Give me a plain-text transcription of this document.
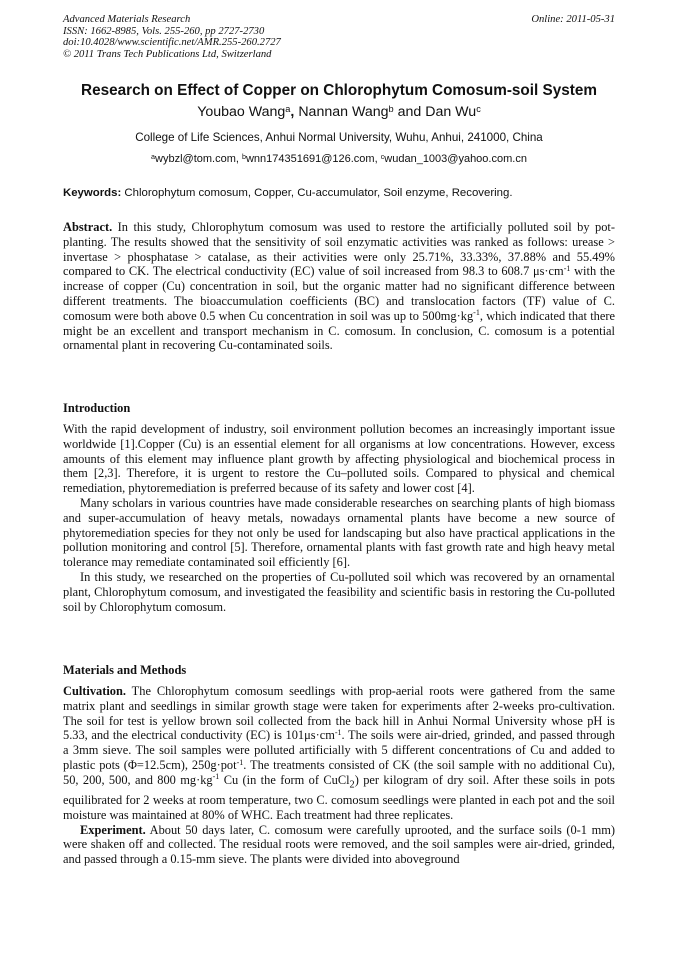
Advanced Materials Research
ISSN: 1662-8985, Vols. 255-260, pp 2727-2730
doi:10.4028/www.scientific.net/AMR.255-260.2727
© 2011 Trans Tech Publications Ltd, Switzerland
Online: 2011-05-31
Research on Effect of Copper on Chlorophytum Comosum-soil System
Youbao Wang$^a$, Nannan Wang$^b$ and Dan Wu$^c$
College of Life Sciences, Anhui Normal University, Wuhu, Anhui, 241000, China
$^a$wybzl@tom.com, $^b$wnn174351691@126.com, $^c$wudan_1003@yahoo.com.cn
Keywords: Chlorophytum comosum, Copper, Cu-accumulator, Soil enzyme, Recovering.

Abstract. In this study, Chlorophytum comosum was used to restore the artificially polluted soil by pot-planting. The results showed that the sensitivity of soil enzymatic activities was ranked as follows: urease > invertase > phosphatase > catalase, as their activities were only 25.71%, 33.33%, 37.88% and 55.49% compared to CK. The electrical conductivity (EC) value of soil increased from 98.3 to 608.7 $\mu s\cdot cm^{-1}$ with the increase of copper (Cu) concentration in soil, but the organic matter had no significant difference between different treatments. The bioaccumulation coefficients (BC) and translocation factors (TF) value of C. comosum were both above 0.5 when Cu concentration in soil was up to $500mg\cdot kg^{-1}$, which indicated that there might be an excellent and transport mechanism in C. comosum. In conclusion, C. comosum is a potential ornamental plant in recovering Cu-contaminated soils.

Introduction

With the rapid development of industry, soil environment pollution becomes an increasingly important issue worldwide [1].Copper (Cu) is an essential element for all organisms at low concentrations. However, excess amounts of this element may influence plant growth by affecting physiological and biochemical process in them [2,3]. Therefore, it is urgent to restore the Cu–polluted soils. Compared to physical and chemical remediation, phytoremediation is preferred because of its safety and lower cost [4].

Many scholars in various countries have made considerable researches on searching plants of high biomass and super-accumulation of heavy metals, nowadays ornamental plants have become a new source of phytoremediation species for they not only be used for landscaping but also have practical applications in the pollution monitoring and control [5]. Therefore, ornamental plants with fast growth rate and high heavy metal tolerance may remediate contaminated soil efficiently [6].

In this study, we researched on the properties of Cu-polluted soil which was recovered by an ornamental plant, Chlorophytum comosum, and investigated the feasibility and scientific basis in restoring the Cu-polluted soil by Chlorophytum comosum.

Materials and Methods

Cultivation. The Chlorophytum comosum seedlings with prop-aerial roots were gathered from the same matrix plant and seedlings in similar growth stage were taken for experiments after 2-weeks pro-cultivation. The soil for test is yellow brown soil collected from the back hill in Anhui Normal University whose pH is 5.33, and the electrical conductivity (EC) is $101\mu s\cdot cm^{-1}$. The soils were air-dried, grinded, and passed through a 3mm sieve. The soil samples were polluted artificially with 5 different concentrations of Cu and added to plastic pots (Φ=12.5cm), 250g·pot$^{-1}$. The treatments consisted of CK (the soil sample with no additional Cu), 50, 200, 500, and 800 $mg\cdot kg^{-1}$ Cu (in the form of CuCl$_2$) per kilogram of dry soil. After these soils in pots equilibrated for 2 weeks at room temperature, two C. comosum seedlings were planted in each pot and the soil moisture was maintained at 80% of WHC. Each treatment had three replicates.

Experiment. About 50 days later, C. comosum were carefully uprooted, and the surface soils (0-1 mm) were shaken off and collected. The residual roots were removed, and the soil samples were air-dried, grinded, and passed through a 0.15-mm sieve. The plants were divided into aboveground
